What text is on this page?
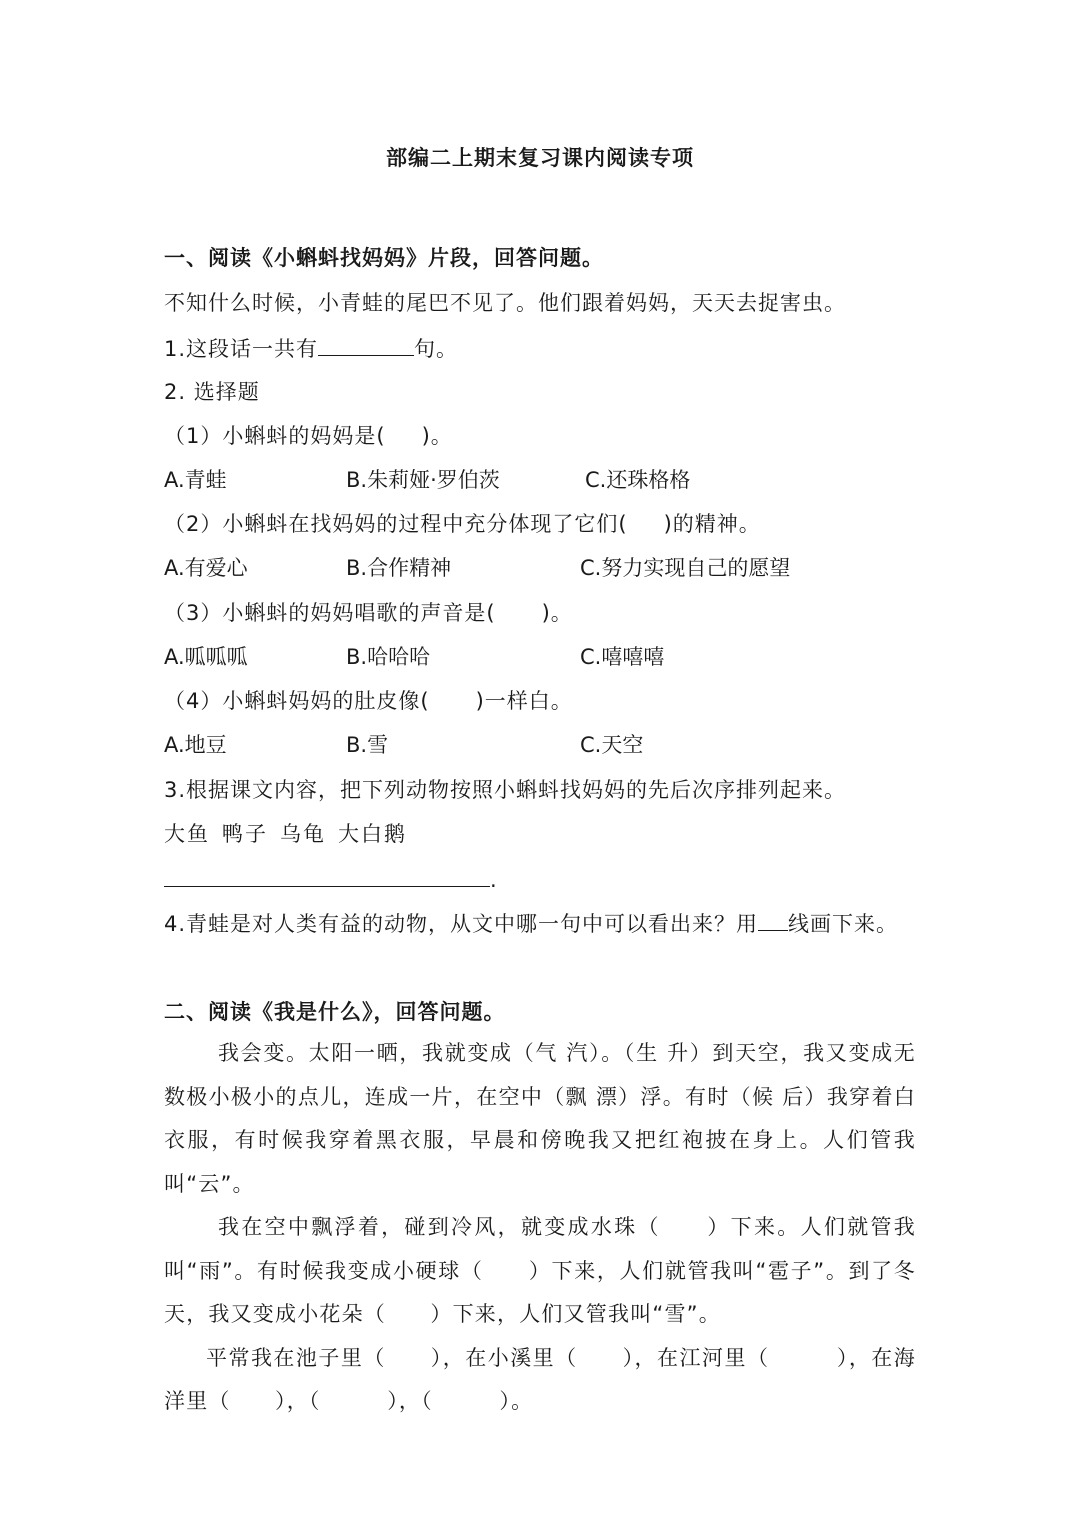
部编二上期末复习课内阅读专项
一、阅读《小蝌蚪找妈妈》片段，回答问题。
不知什么时候，小青蛙的尾巴不见了。他们跟着妈妈，天天去捉害虫。
1.这段话一共有	句。
2. 选择题
（1）小蝌蚪的妈妈是( )。
A.青蛙	B.朱莉娅·罗伯茨	C.还珠格格
（2）小蝌蚪在找妈妈的过程中充分体现了它们( )的精神。
A.有爱心	B.合作精神	C.努力实现自己的愿望
（3）小蝌蚪的妈妈唱歌的声音是( )。
A.呱呱呱	B.哈哈哈	C.嘻嘻嘻
（4）小蝌蚪妈妈的肚皮像( )一样白。
A.地豆	B.雪	C.天空
3.根据课文内容，把下列动物按照小蝌蚪找妈妈的先后次序排列起来。
大鱼 鸭子 乌龟 大白鹅
.
4.青蛙是对人类有益的动物，从文中哪一句中可以看出来？用 线画下来。
二、阅读《我是什么》，回答问题。

我会变。太阳一晒，我就变成（气 汽）。（生 升）到天空，我又变成无数极小极小的点儿，连成一片，在空中（飘 漂）浮。有时（候 后）我穿着白衣服，有时候我穿着黑衣服，早晨和傍晚我又把红袍披在身上。人们管我叫“云”。

我在空中飘浮着，碰到冷风，就变成水珠（　　）下来。人们就管我叫“雨”。有时候我变成小硬球（　　）下来，人们就管我叫“雹子”。到了冬天，我又变成小花朵（　　）下来，人们又管我叫“雪”。

平常我在池子里（　　），在小溪里（　　），在江河里（　　　），在海洋里（　　），（　　　），（　　　）。
